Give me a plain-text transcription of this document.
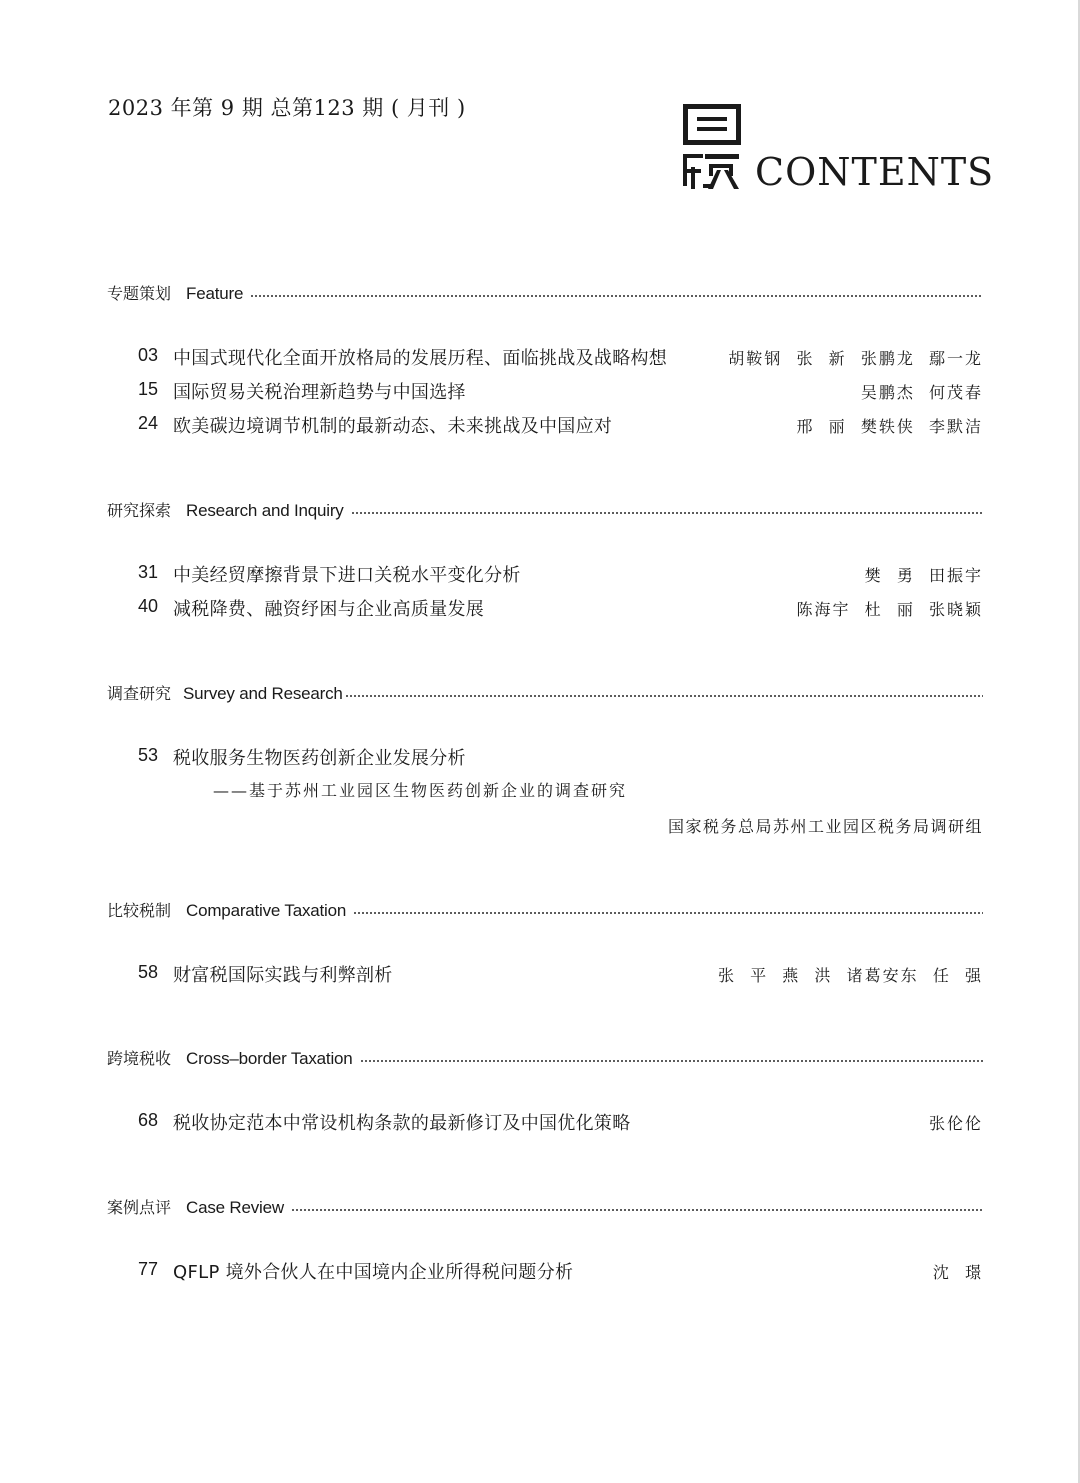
2023 年第 9 期 总第123 期 ( 月刊 )
CONTENTS
专题策划 Feature
03 中国式现代化全面开放格局的发展历程、面临挑战及战略构想	胡鞍钢  张  新  张鹏龙  鄢一龙
15 国际贸易关税治理新趋势与中国选择	吴鹏杰  何茂春
24 欧美碳边境调节机制的最新动态、未来挑战及中国应对	邢  丽  樊轶侠  李默洁
研究探索 Research and Inquiry
31 中美经贸摩擦背景下进口关税水平变化分析	樊  勇  田振宇
40 减税降费、融资纾困与企业高质量发展	陈海宇  杜  丽  张晓颖
调查研究 Survey and Research
53 税收服务生物医药创新企业发展分析
——基于苏州工业园区生物医药创新企业的调查研究
国家税务总局苏州工业园区税务局调研组
比较税制 Comparative Taxation
58 财富税国际实践与利弊剖析	张  平  燕  洪  诸葛安东  任  强
跨境税收 Cross–border Taxation
68 税收协定范本中常设机构条款的最新修订及中国优化策略	张伦伦
案例点评 Case Review
77 QFLP 境外合伙人在中国境内企业所得税问题分析	沈  璟
